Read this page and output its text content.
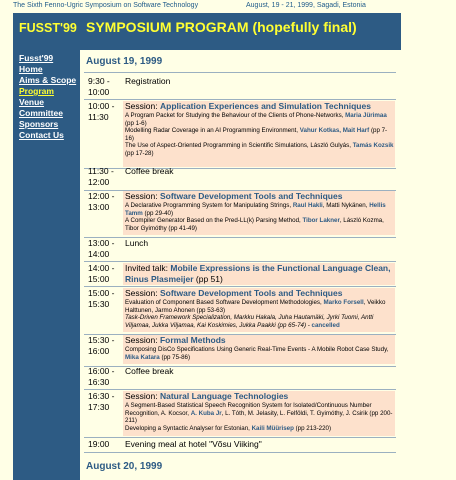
The Sixth Fenno-Ugric Symposium on Software Technology	August, 19 - 21, 1999, Sagadi, Estonia
FUSST'99 SYMPOSIUM PROGRAM (hopefully final)
Fusst'99
Home
Aims & Scope
Program
Venue
Committee
Sponsors
Contact Us
August 19, 1999
9:30 -
10:00
Registration
10:00 -
11:30
Session: Application Experiences and Simulation Techniques
A Program Packet for Studying the Behaviour of the Clients of Phone-Networks, Maria Jürimaa (pp 1-6)
Modelling Radar Coverage in an AI Programming Environment, Vahur Kotkas, Mait Harf (pp 7-16)
The Use of Aspect-Oriented Programming in Scientific Simulations, László Gulyás, Tamás Kozsik (pp 17-28)
11:30 -
12:00
Coffee break
12:00 -
13:00
Session: Software Development Tools and Techniques
A Declarative Programming System for Manipulating Strings, Raul Hakli, Matti Nykänen, Hellis Tamm (pp 29-40)
A Compiler Generator Based on the Pred-LL(k) Parsing Method, Tibor Lakner, László Kozma, Tibor Gyimóthy (pp 41-49)
13:00 -
14:00
Lunch
14:00 -
15:00
Invited talk: Mobile Expressions is the Functional Language Clean,
Rinus Plasmeijer (pp 51)
15:00 -
15:30
Session: Software Development Tools and Techniques
Evaluation of Component Based Software Development Methodologies, Marko Forsell, Veikko Halttunen, Jarmo Ahonen (pp 53-63)
Task-Driven Framework Specialization, Markku Hakala, Juha Hautamäki, Jyrki Tuomi, Antti Viljamaa, Jukka Viljamaa, Kai Koskimies, Jukka Paakki (pp 65-74) - cancelled
15:30 -
16:00
Session: Formal Methods
Composing DisCo Specifications Using Generic Real-Time Events - A Mobile Robot Case Study, Mika Katara (pp 75-86)
16:00 -
16:30
Coffee break
16:30 -
17:30
Session: Natural Language Technologies
A Segment-Based Statistical Speech Recognition System for Isolated/Continuous Number Recognition, A. Kocsor, A. Kuba Jr, L. Tóth, M. Jelasity, L. Felföldi, T. Gyimóthy, J. Csirik (pp 200-211)
Developing a Syntactic Analyser for Estonian, Kaili Müürisep (pp 213-220)
19:00 Evening meal at hotel "Võsu Viiking"
August 20, 1999
